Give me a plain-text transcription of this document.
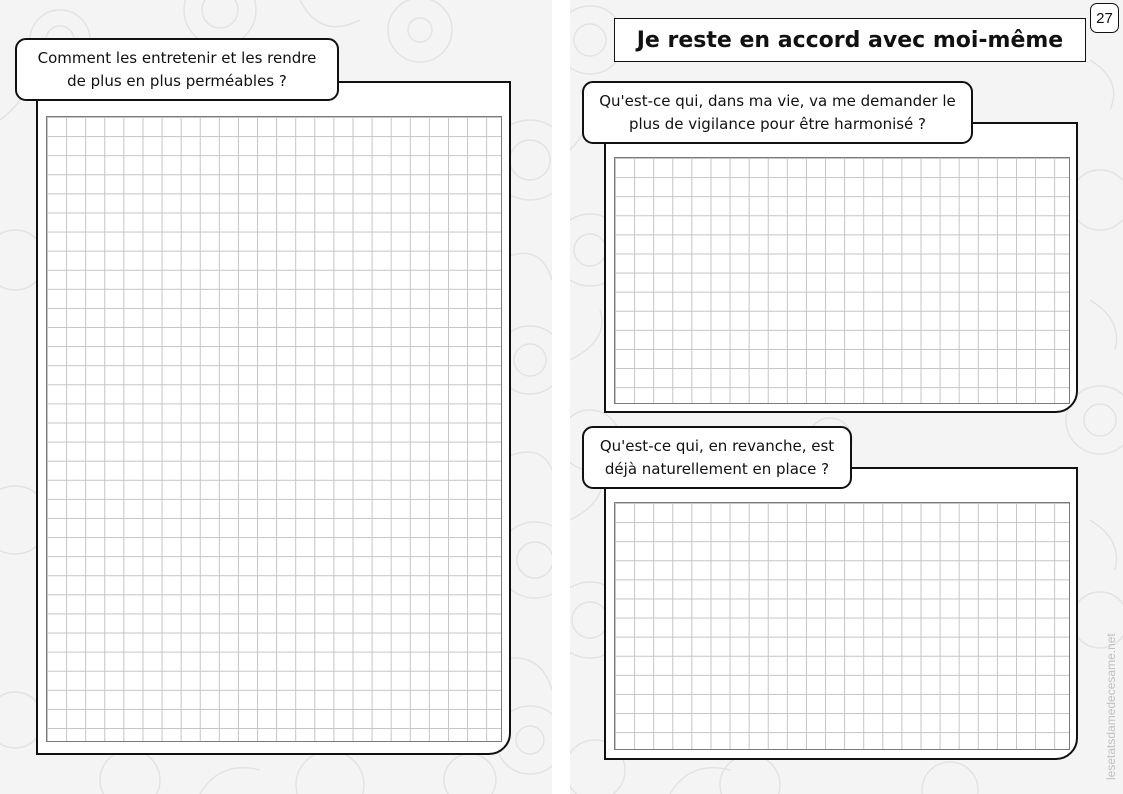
Comment les entretenir et les rendre de plus en plus perméables ?
Je reste en accord avec moi-même
27
Qu'est-ce qui, dans ma vie, va me demander le plus de vigilance pour être harmonisé ?
Qu'est-ce qui, en revanche, est déjà naturellement en place ?
lesetatsdamedecesame.net
